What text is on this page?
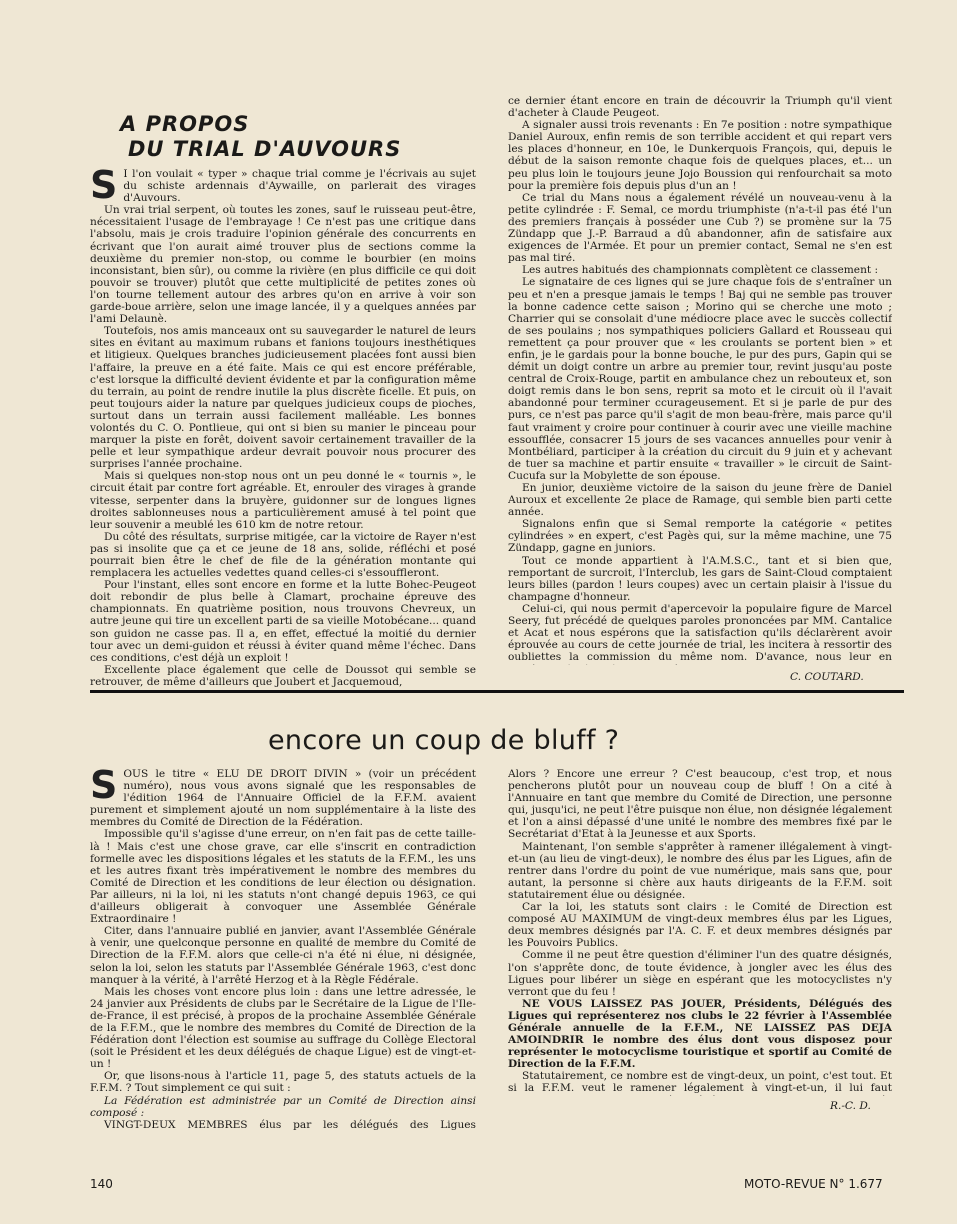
A PROPOS
DU TRIAL D'AUVOURS
S I l'on voulait « typer » chaque trial comme je l'écrivais au sujet du schiste ardennais d'Aywaille, on parlerait des virages d'Auvours.

Un vrai trial serpent, où toutes les zones, sauf le ruisseau peut-être, nécessitaient l'usage de l'embrayage ! Ce n'est pas une critique dans l'absolu, mais je crois traduire l'opinion générale des concurrents en écrivant que l'on aurait aimé trouver plus de sections comme la deuxième du premier non-stop, ou comme le bourbier (en moins inconsistant, bien sûr), ou comme la rivière (en plus difficile ce qui doit pouvoir se trouver) plutôt que cette multiplicité de petites zones où l'on tourne tellement autour des arbres qu'on en arrive à voir son garde-boue arrière, selon une image lancée, il y a quelques années par l'ami Delaunè.

Toutefois, nos amis manceaux ont su sauvegarder le naturel de leurs sites en évitant au maximum rubans et fanions toujours inesthétiques et litigieux. Quelques branches judicieusement placées font aussi bien l'affaire, la preuve en a été faite. Mais ce qui est encore préférable, c'est lorsque la difficulté devient évidente et par la configuration même du terrain, au point de rendre inutile la plus discrète ficelle. Et puis, on peut toujours aider la nature par quelques judicieux coups de pioches, surtout dans un terrain aussi facilement malléable. Les bonnes volontés du C. O. Pontlieue, qui ont si bien su manier le pinceau pour marquer la piste en forêt, doivent savoir certainement travailler de la pelle et leur sympathique ardeur devrait pouvoir nous procurer des surprises l'année prochaine.

Mais si quelques non-stop nous ont un peu donné le « tournis », le circuit était par contre fort agréable. Et, enrouler des virages à grande vitesse, serpenter dans la bruyère, guidonner sur de longues lignes droites sablonneuses nous a particulièrement amusé à tel point que leur souvenir a meublé les 610 km de notre retour.

Du côté des résultats, surprise mitigée, car la victoire de Rayer n'est pas si insolite que ça et ce jeune de 18 ans, solide, réfléchi et posé pourrait bien être le chef de file de la génération montante qui remplacera les actuelles vedettes quand celles-ci s'essouffleront.

Pour l'instant, elles sont encore en forme et la lutte Bohec-Peugeot doit rebondir de plus belle à Clamart, prochaine épreuve des championnats. En quatrième position, nous trouvons Chevreux, un autre jeune qui tire un excellent parti de sa vieille Motobécane... quand son guidon ne casse pas. Il a, en effet, effectué la moitié du dernier tour avec un demi-guidon et réussi à éviter quand même l'échec. Dans ces conditions, c'est déjà un exploit !

Excellente place également que celle de Doussot qui semble se retrouver, de même d'ailleurs que Joubert et Jacquemoud,

ce dernier étant encore en train de découvrir la Triumph qu'il vient d'acheter à Claude Peugeot.

A signaler aussi trois revenants : En 7e position : notre sympathique Daniel Auroux, enfin remis de son terrible accident et qui repart vers les places d'honneur, en 10e, le Dunkerquois François, qui, depuis le début de la saison remonte chaque fois de quelques places, et... un peu plus loin le toujours jeune Jojo Boussion qui renfourchait sa moto pour la première fois depuis plus d'un an !

Ce trial du Mans nous a également révélé un nouveau-venu à la petite cylindrée : F. Semal, ce mordu triumphiste (n'a-t-il pas été l'un des premiers français à posséder une Cub ?) se promène sur la 75 Zündapp que J.-P. Barraud a dû abandonner, afin de satisfaire aux exigences de l'Armée. Et pour un premier contact, Semal ne s'en est pas mal tiré.

Les autres habitués des championnats complètent ce classement :

Le signataire de ces lignes qui se jure chaque fois de s'entraîner un peu et n'en a presque jamais le temps ! Baj qui ne semble pas trouver la bonne cadence cette saison ; Morino qui se cherche une moto ; Charrier qui se consolait d'une médiocre place avec le succès collectif de ses poulains ; nos sympathiques policiers Gallard et Rousseau qui remettent ça pour prouver que « les croulants se portent bien » et enfin, je le gardais pour la bonne bouche, le pur des purs, Gapin qui se démit un doigt contre un arbre au premier tour, revint jusqu'au poste central de Croix-Rouge, partit en ambulance chez un rebouteux et, son doigt remis dans le bon sens, reprit sa moto et le circuit où il l'avait abandonné pour terminer ccurageusement. Et si je parle de pur des purs, ce n'est pas parce qu'il s'agit de mon beau-frère, mais parce qu'il faut vraiment y croire pour continuer à courir avec une vieille machine essoufflée, consacrer 15 jours de ses vacances annuelles pour venir à Montbéliard, participer à la création du circuit du 9 juin et y achevant de tuer sa machine et partir ensuite « travailler » le circuit de Saint-Cucufa sur la Mobylette de son épouse.

En junior, deuxième victoire de la saison du jeune frère de Daniel Auroux et excellente 2e place de Ramage, qui semble bien parti cette année.

Signalons enfin que si Semal remporte la catégorie « petites cylindrées » en expert, c'est Pagès qui, sur la même machine, une 75 Zündapp, gagne en juniors.

Tout ce monde appartient à l'A.M.S.C., tant et si bien que, remportant de surcroit, l'Interclub, les gars de Saint-Cloud comptaient leurs billes (pardon ! leurs coupes) avec un certain plaisir à l'issue du champagne d'honneur.

Celui-ci, qui nous permit d'apercevoir la populaire figure de Marcel Seery, fut précédé de quelques paroles prononcées par MM. Cantalice et Acat et nous espérons que la satisfaction qu'ils déclarèrent avoir éprouvée au cours de cette journée de trial, les incitera à ressortir des oubliettes la commission du même nom. D'avance, nous leur en

C. COUTARD.
encore un coup de bluff ?
S OUS le titre « ELU DE DROIT DIVIN » (voir un précédent numéro), nous vous avons signalé que les responsables de l'édition 1964 de l'Annuaire Officiel de la F.F.M. avaient purement et simplement ajouté un nom supplémentaire à la liste des membres du Comité de Direction de la Fédération.

Impossible qu'il s'agisse d'une erreur, on n'en fait pas de cette taille-là ! Mais c'est une chose grave, car elle s'inscrit en contradiction formelle avec les dispositions légales et les statuts de la F.F.M., les uns et les autres fixant très impérativement le nombre des membres du Comité de Direction et les conditions de leur élection ou désignation. Par ailleurs, ni la loi, ni les statuts n'ont changé depuis 1963, ce qui d'ailleurs obligerait à convoquer une Assemblée Générale Extraordinaire !

Citer, dans l'annuaire publié en janvier, avant l'Assemblée Générale à venir, une quelconque personne en qualité de membre du Comité de Direction de la F.F.M. alors que celle-ci n'a été ni élue, ni désignée, selon la loi, selon les statuts par l'Assemblée Générale 1963, c'est donc manquer à la vérité, à l'arrêté Herzog et à la Règle Fédérale.

Mais les choses vont encore plus loin : dans une lettre adressée, le 24 janvier aux Présidents de clubs par le Secrétaire de la Ligue de l'Ile-de-France, il est précisé, à propos de la prochaine Assemblée Générale de la F.F.M., que le nombre des membres du Comité de Direction de la Fédération dont l'élection est soumise au suffrage du Collège Electoral (soit le Président et les deux délégués de chaque Ligue) est de vingt-et-un !

Or, que lisons-nous à l'article 11, page 5, des statuts actuels de la F.F.M. ? Tout simplement ce qui suit :

La Fédération est administrée par un Comité de Direction ainsi composé :

VINGT-DEUX MEMBRES élus par les délégués des Ligues

Alors ? Encore une erreur ? C'est beaucoup, c'est trop, et nous pencherons plutôt pour un nouveau coup de bluff ! On a cité à l'Annuaire en tant que membre du Comité de Direction, une personne qui, jusqu'ici, ne peut l'être puisque non élue, non désignée légalement et l'on a ainsi dépassé d'une unité le nombre des membres fixé par le Secrétariat d'Etat à la Jeunesse et aux Sports.

Maintenant, l'on semble s'apprêter à ramener illégalement à vingt-et-un (au lieu de vingt-deux), le nombre des élus par les Ligues, afin de rentrer dans l'ordre du point de vue numérique, mais sans que, pour autant, la personne si chère aux hauts dirigeants de la F.F.M. soit statutairement élue ou désignée.

Car la loi, les statuts sont clairs : le Comité de Direction est composé AU MAXIMUM de vingt-deux membres élus par les Ligues, deux membres désignés par l'A. C. F. et deux membres désignés par les Pouvoirs Publics.

Comme il ne peut être question d'éliminer l'un des quatre désignés, l'on s'apprête donc, de toute évidence, à jongler avec les élus des Ligues pour libérer un siège en espérant que les motocyclistes n'y verront que du feu !

NE VOUS LAISSEZ PAS JOUER, Présidents, Délégués des Ligues qui représenterez nos clubs le 22 février à l'Assemblée Générale annuelle de la F.F.M., NE LAISSEZ PAS DEJA AMOINDRIR le nombre des élus dont vous disposez pour représenter le motocyclisme touristique et sportif au Comité de Direction de la F.F.M.

Statutairement, ce nombre est de vingt-deux, un point, c'est tout. Et si la F.F.M. veut le ramener légalement à vingt-et-un, il lui faut

R.-C. D.
140	MOTO-REVUE N° 1.677
